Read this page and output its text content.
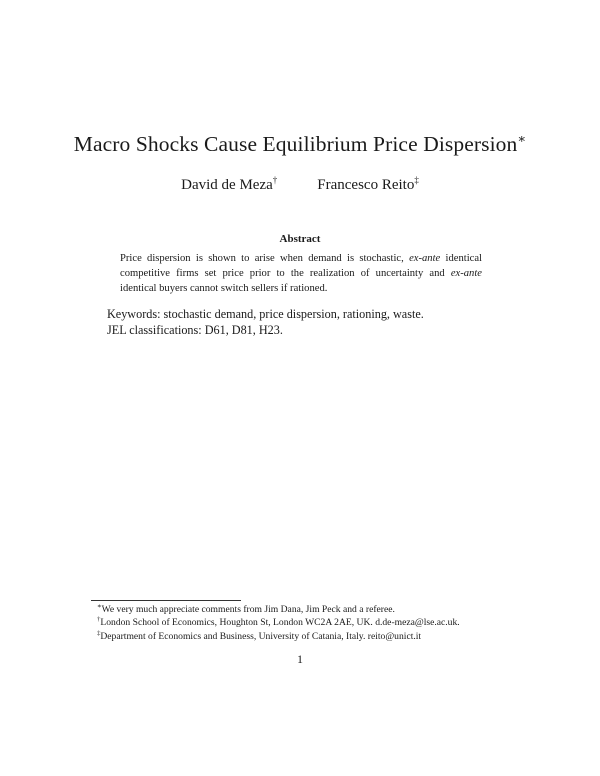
Macro Shocks Cause Equilibrium Price Dispersion∗
David de Meza†	Francesco Reito‡
Abstract
Price dispersion is shown to arise when demand is stochastic, ex-ante identical competitive firms set price prior to the realization of uncertainty and ex-ante identical buyers cannot switch sellers if rationed.
Keywords: stochastic demand, price dispersion, rationing, waste.
JEL classifications: D61, D81, H23.
∗We very much appreciate comments from Jim Dana, Jim Peck and a referee.
†London School of Economics, Houghton St, London WC2A 2AE, UK. d.de-meza@lse.ac.uk.
‡Department of Economics and Business, University of Catania, Italy. reito@unict.it
1
